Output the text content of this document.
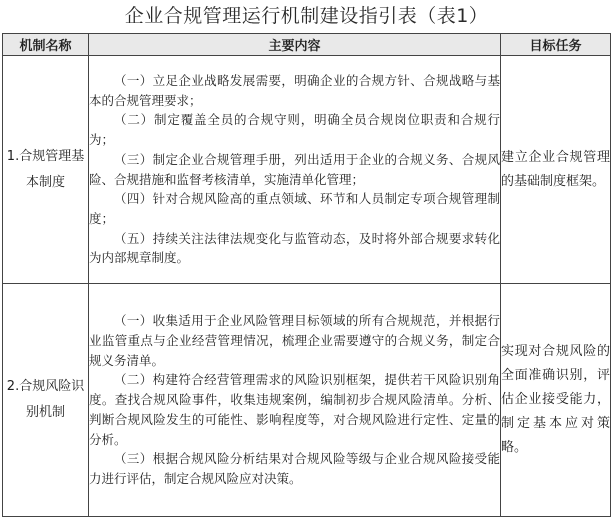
企业合规管理运行机制建设指引表（表1）
机制名称	主要内容	目标任务
1.合规管理基本制度	（一）立足企业战略发展需要，明确企业的合规方针、合规战略与基本的合规管理要求；

（二）制定覆盖全员的合规守则，明确全员合规岗位职责和合规行为；

（三）制定企业合规管理手册，列出适用于企业的合规义务、合规风险、合规措施和监督考核清单，实施清单化管理；

（四）针对合规风险高的重点领域、环节和人员制定专项合规管理制度；

（五）持续关注法律法规变化与监管动态，及时将外部合规要求转化为内部规章制度。	建立企业合规管理的基础制度框架。
2.合规风险识别机制	（一）收集适用于企业风险管理目标领域的所有合规规范，并根据行业监管重点与企业经营管理情况，梳理企业需要遵守的合规义务，制定合规义务清单。

（二）构建符合经营管理需求的风险识别框架，提供若干风险识别角度。查找合规风险事件，收集违规案例，编制初步合规风险清单。分析、判断合规风险发生的可能性、影响程度等，对合规风险进行定性、定量的分析。

（三）根据合规风险分析结果对合规风险等级与企业合规风险接受能力进行评估，制定合规风险应对决策。	实现对合规风险的全面准确识别，评估企业接受能力，制定基本应对策略。
